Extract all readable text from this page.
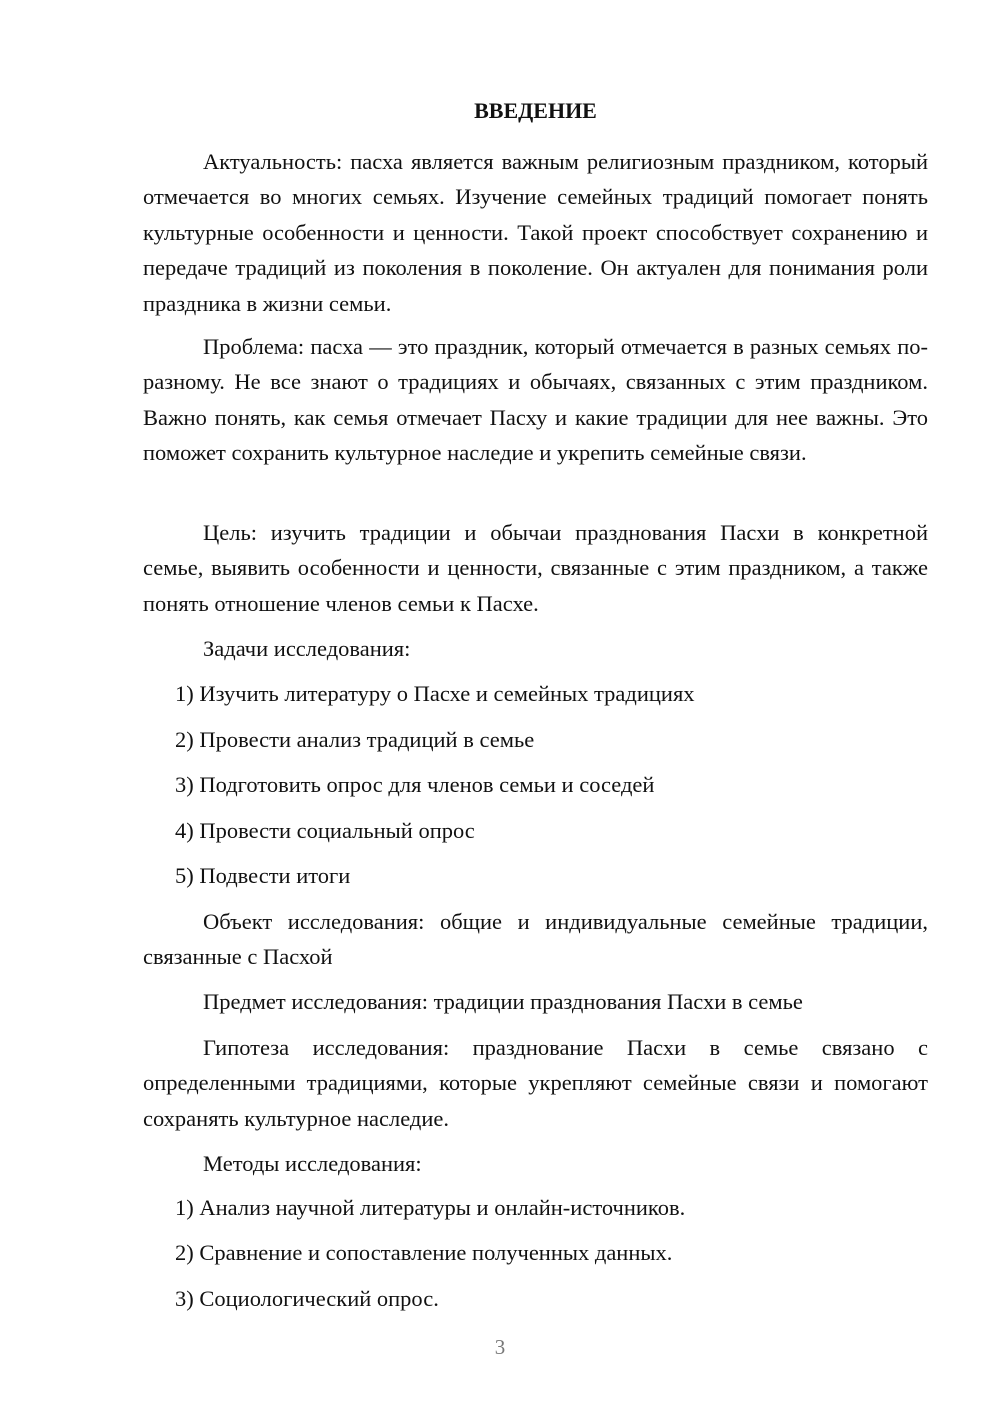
ВВЕДЕНИЕ
Актуальность: пасха является важным религиозным праздником, который отмечается во многих семьях. Изучение семейных традиций помогает понять культурные особенности и ценности. Такой проект способствует сохранению и передаче традиций из поколения в поколение. Он актуален для понимания роли праздника в жизни семьи.
Проблема: пасха — это праздник, который отмечается в разных семьях по-разному. Не все знают о традициях и обычаях, связанных с этим праздником. Важно понять, как семья отмечает Пасху и какие традиции для нее важны. Это поможет сохранить культурное наследие и укрепить семейные связи.
Цель: изучить традиции и обычаи празднования Пасхи в конкретной семье, выявить особенности и ценности, связанные с этим праздником, а также понять отношение членов семьи к Пасхе.
Задачи исследования:
1) Изучить литературу о Пасхе и семейных традициях
2) Провести анализ традиций в семье
3) Подготовить опрос для членов семьи и соседей
4) Провести социальный опрос
5) Подвести итоги
Объект исследования: общие и индивидуальные семейные традиции, связанные с Пасхой
Предмет исследования: традиции празднования Пасхи в семье
Гипотеза исследования: празднование Пасхи в семье связано с определенными традициями, которые укрепляют семейные связи и помогают сохранять культурное наследие.
Методы исследования:
1) Анализ научной литературы и онлайн-источников.
2) Сравнение и сопоставление полученных данных.
3) Социологический опрос.
3
